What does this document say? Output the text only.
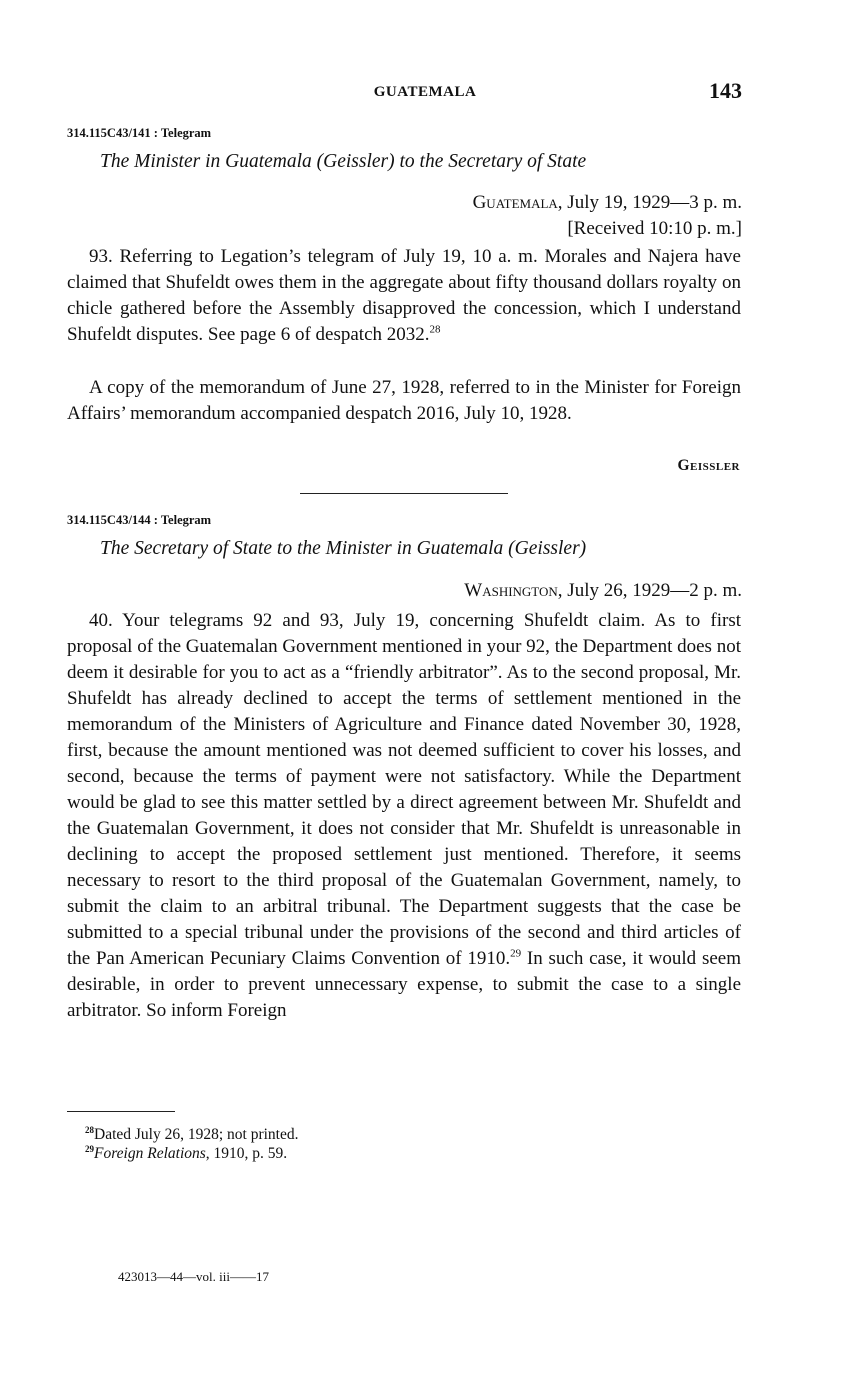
GUATEMALA	143
314.115C43/141 : Telegram
The Minister in Guatemala (Geissler) to the Secretary of State
Guatemala, July 19, 1929—3 p. m.
[Received 10:10 p. m.]
93. Referring to Legation’s telegram of July 19, 10 a. m. Morales and Najera have claimed that Shufeldt owes them in the aggregate about fifty thousand dollars royalty on chicle gathered before the Assembly disapproved the concession, which I understand Shufeldt disputes. See page 6 of despatch 2032.28
A copy of the memorandum of June 27, 1928, referred to in the Minister for Foreign Affairs’ memorandum accompanied despatch 2016, July 10, 1928.
Geissler
314.115C43/144 : Telegram
The Secretary of State to the Minister in Guatemala (Geissler)
Washington, July 26, 1929—2 p. m.
40. Your telegrams 92 and 93, July 19, concerning Shufeldt claim. As to first proposal of the Guatemalan Government mentioned in your 92, the Department does not deem it desirable for you to act as a “friendly arbitrator”. As to the second proposal, Mr. Shufeldt has already declined to accept the terms of settlement mentioned in the memorandum of the Ministers of Agriculture and Finance dated November 30, 1928, first, because the amount mentioned was not deemed sufficient to cover his losses, and second, because the terms of payment were not satisfactory. While the Department would be glad to see this matter settled by a direct agreement between Mr. Shufeldt and the Guatemalan Government, it does not consider that Mr. Shufeldt is unreasonable in declining to accept the proposed settlement just mentioned. Therefore, it seems necessary to resort to the third proposal of the Guatemalan Government, namely, to submit the claim to an arbitral tribunal. The Department suggests that the case be submitted to a special tribunal under the provisions of the second and third articles of the Pan American Pecuniary Claims Convention of 1910.29 In such case, it would seem desirable, in order to prevent unnecessary expense, to submit the case to a single arbitrator. So inform Foreign
$^{28}$Dated July 26, 1928; not printed.
$^{29}$Foreign Relations, 1910, p. 59.
423013—44—vol. iii——17
